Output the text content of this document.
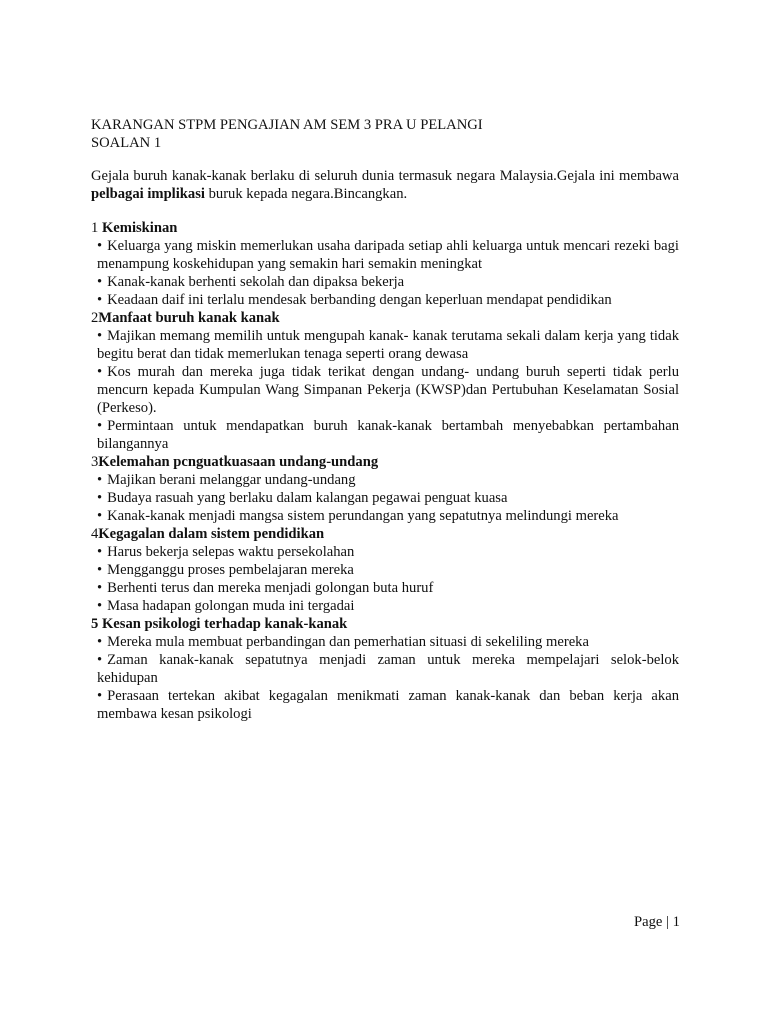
KARANGAN STPM PENGAJIAN AM SEM 3 PRA U PELANGI
SOALAN 1
Gejala buruh kanak-kanak berlaku di seluruh dunia termasuk negara Malaysia.Gejala ini membawa pelbagai implikasi buruk kepada negara.Bincangkan.
1 Kemiskinan
• Keluarga yang miskin memerlukan usaha daripada setiap ahli keluarga untuk mencari rezeki bagi menampung koskehidupan yang semakin hari semakin meningkat
• Kanak-kanak berhenti sekolah dan dipaksa bekerja
• Keadaan daif ini terlalu mendesak berbanding dengan keperluan mendapat pendidikan
2Manfaat buruh kanak kanak
• Majikan memang memilih untuk mengupah kanak- kanak terutama sekali dalam kerja yang tidak begitu berat dan tidak memerlukan tenaga seperti orang dewasa
• Kos murah dan mereka juga tidak terikat dengan undang- undang buruh seperti tidak perlu mencurn kepada Kumpulan Wang Simpanan Pekerja (KWSP)dan Pertubuhan Keselamatan Sosial (Perkeso).
• Permintaan untuk mendapatkan buruh kanak-kanak bertambah menyebabkan pertambahan bilangannya
3Kelemahan pcnguatkuasaan undang-undang
• Majikan berani melanggar undang-undang
• Budaya rasuah yang berlaku dalam kalangan pegawai penguat kuasa
• Kanak-kanak menjadi mangsa sistem perundangan yang sepatutnya melindungi mereka
4Kegagalan dalam sistem pendidikan
• Harus bekerja selepas waktu persekolahan
• Mengganggu proses pembelajaran mereka
• Berhenti terus dan mereka menjadi golongan buta huruf
• Masa hadapan golongan muda ini tergadai
5 Kesan psikologi terhadap kanak-kanak
• Mereka mula membuat perbandingan dan pemerhatian situasi di sekeliling mereka
• Zaman kanak-kanak sepatutnya menjadi zaman untuk mereka mempelajari selok-belok kehidupan
• Perasaan tertekan akibat kegagalan menikmati zaman kanak-kanak dan beban kerja akan membawa kesan psikologi
Page | 1
